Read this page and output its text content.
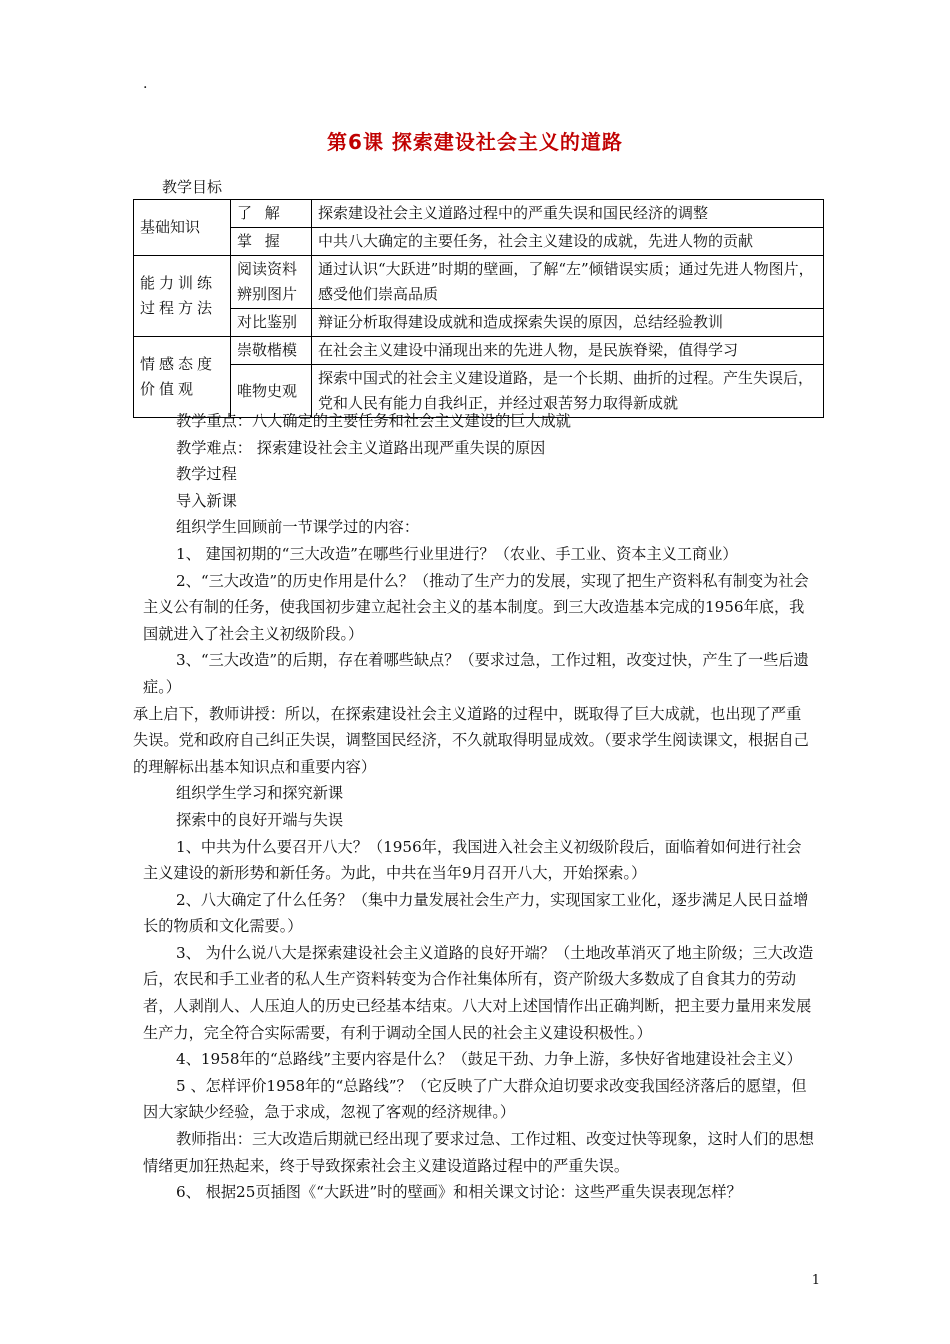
.
第6课 探索建设社会主义的道路
教学目标
基础知识	了 解	探索建设社会主义道路过程中的严重失误和国民经济的调整
	掌 握	中共八大确定的主要任务，社会主义建设的成就，先进人物的贡献
能力训练过程方法	阅读资料辨别图片	通过认识“大跃进”时期的壁画，了解“左”倾错误实质；通过先进人物图片，感受他们崇高品质
	对比鉴别	辩证分析取得建设成就和造成探索失误的原因，总结经验教训
情感态度价值观	崇敬楷模	在社会主义建设中涌现出来的先进人物，是民族脊梁，值得学习
	唯物史观	探索中国式的社会主义建设道路，是一个长期、曲折的过程。产生失误后，党和人民有能力自我纠正，并经过艰苦努力取得新成就

教学重点：八大确定的主要任务和社会主义建设的巨大成就

教学难点： 探索建设社会主义道路出现严重失误的原因

教学过程

导入新课

组织学生回顾前一节课学过的内容：

1、 建国初期的“三大改造”在哪些行业里进行？（农业、手工业、资本主义工商业）

2、“三大改造”的历史作用是什么？（推动了生产力的发展，实现了把生产资料私有制变为社会主义公有制的任务，使我国初步建立起社会主义的基本制度。到三大改造基本完成的1956年底，我国就进入了社会主义初级阶段。）

3、“三大改造”的后期，存在着哪些缺点？（要求过急，工作过粗，改变过快，产生了一些后遗症。）

承上启下，教师讲授：所以，在探索建设社会主义道路的过程中，既取得了巨大成就，也出现了严重失误。党和政府自己纠正失误，调整国民经济，不久就取得明显成效。（要求学生阅读课文，根据自己的理解标出基本知识点和重要内容）

组织学生学习和探究新课

探索中的良好开端与失误

1、中共为什么要召开八大？（1956年，我国进入社会主义初级阶段后，面临着如何进行社会主义建设的新形势和新任务。为此，中共在当年9月召开八大，开始探索。）

2、八大确定了什么任务？（集中力量发展社会生产力，实现国家工业化，逐步满足人民日益增长的物质和文化需要。）

3、 为什么说八大是探索建设社会主义道路的良好开端？（土地改革消灭了地主阶级；三大改造后，农民和手工业者的私人生产资料转变为合作社集体所有，资产阶级大多数成了自食其力的劳动者，人剥削人、人压迫人的历史已经基本结束。八大对上述国情作出正确判断，把主要力量用来发展生产力，完全符合实际需要，有利于调动全国人民的社会主义建设积极性。）

4、1958年的“总路线”主要内容是什么？（鼓足干劲、力争上游，多快好省地建设社会主义）

5 、怎样评价1958年的“总路线”？（它反映了广大群众迫切要求改变我国经济落后的愿望，但因大家缺少经验，急于求成，忽视了客观的经济规律。）

教师指出：三大改造后期就已经出现了要求过急、工作过粗、改变过快等现象，这时人们的思想情绪更加狂热起来，终于导致探索社会主义建设道路过程中的严重失误。

6、 根据25页插图《“大跃进”时的壁画》和相关课文讨论：这些严重失误表现怎样？

1
